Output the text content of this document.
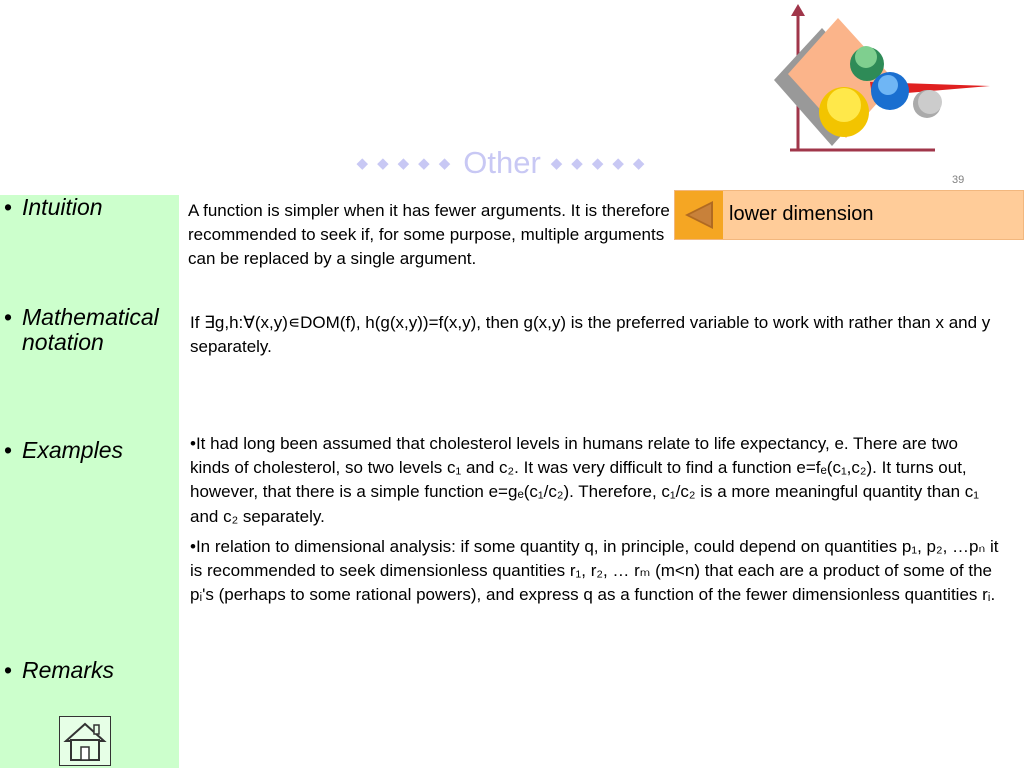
◆◆◆◆◆ Other ◆◆◆◆◆
39
lower dimension
• Intuition
• Mathematical notation
• Examples
• Remarks
A function is simpler when it has fewer arguments. It is therefore recommended to seek if, for some purpose, multiple arguments can be replaced by a single argument.
If ∃g,h:∀(x,y)∊DOM(f), h(g(x,y))=f(x,y), then g(x,y) is the preferred variable to work with rather than x and y separately.
•It had long been assumed that cholesterol levels in humans relate to life expectancy, e. There are two kinds of cholesterol, so two levels c₁ and c₂. It was very difficult to find a function e=fₑ(c₁,c₂). It turns out, however, that there is a simple function e=gₑ(c₁/c₂). Therefore, c₁/c₂ is a more meaningful quantity than c₁ and c₂ separately.
•In relation to dimensional analysis: if some quantity q, in principle, could depend on quantities p₁, p₂, …pₙ it is recommended to seek dimensionless quantities r₁, r₂, … rₘ (m<n) that each are a product of some of the pᵢ's (perhaps to some rational powers), and express q as a function of the fewer dimensionless quantities rᵢ.
